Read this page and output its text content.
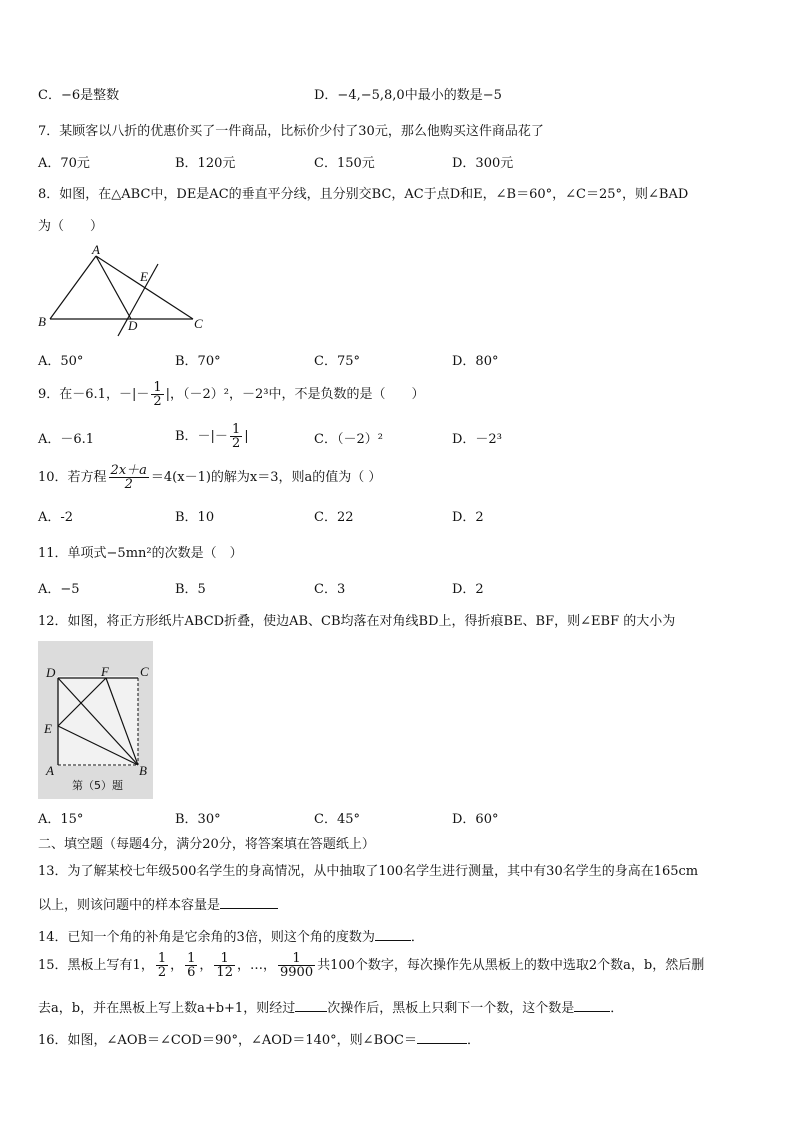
C．−6是整数	D．−4,−5,8,0中最小的数是−5
7．某顾客以八折的优惠价买了一件商品，比标价少付了30元，那么他购买这件商品花了
A．70元	B．120元	C．150元	D．300元
8．如图，在△ABC中，DE是AC的垂直平分线，且分别交BC，AC于点D和E，∠B＝60°，∠C＝25°，则∠BAD
为（　　）
A
B	C
D
E
A．50°	B．70°	C．75°	D．80°
9．在－6.1，－|－ $\frac{1}{2}$ |，（－2）²，－2³中，不是负数的是（　　）
A．－6.1	B．－|－ $\frac{1}{2}$ |	C．（－2）²	D．－2³
10．若方程 $\frac{2x+a}{2} =4(x-1)$的解为x＝3，则a的值为（ ）
A．-2	B．10	C．22	D．2
11．单项式−5mn²的次数是（　）
A．−5	B．5	C．3	D．2
12．如图，将正方形纸片ABCD折叠，使边AB、CB均落在对角线BD上，得折痕BE、BF，则∠EBF 的大小为
D	F C
E
A	B
第（5）题
A．15°	B．30°	C．45°	D．60°
二、填空题（每题4分，满分20分，将答案填在答题纸上）
13．为了解某校七年级500名学生的身高情况，从中抽取了100名学生进行测量，其中有30名学生的身高在165cm
以上，则该问题中的样本容量是
14．已知一个角的补角是它余角的3倍，则这个角的度数为	．
15．黑板上写有1， $\frac{1}{2}$ ， $\frac{1}{6}$ ， $\frac{1}{12}$ ，…， $\frac{1}{9900}$ 共100个数字，每次操作先从黑板上的数中选取2个数a，b，然后删
去a，b，并在黑板上写上数a+b+1，则经过 次操作后，黑板上只剩下一个数，这个数是	．
16．如图，∠AOB＝∠COD＝90°，∠AOD＝140°，则∠BOC＝	．
